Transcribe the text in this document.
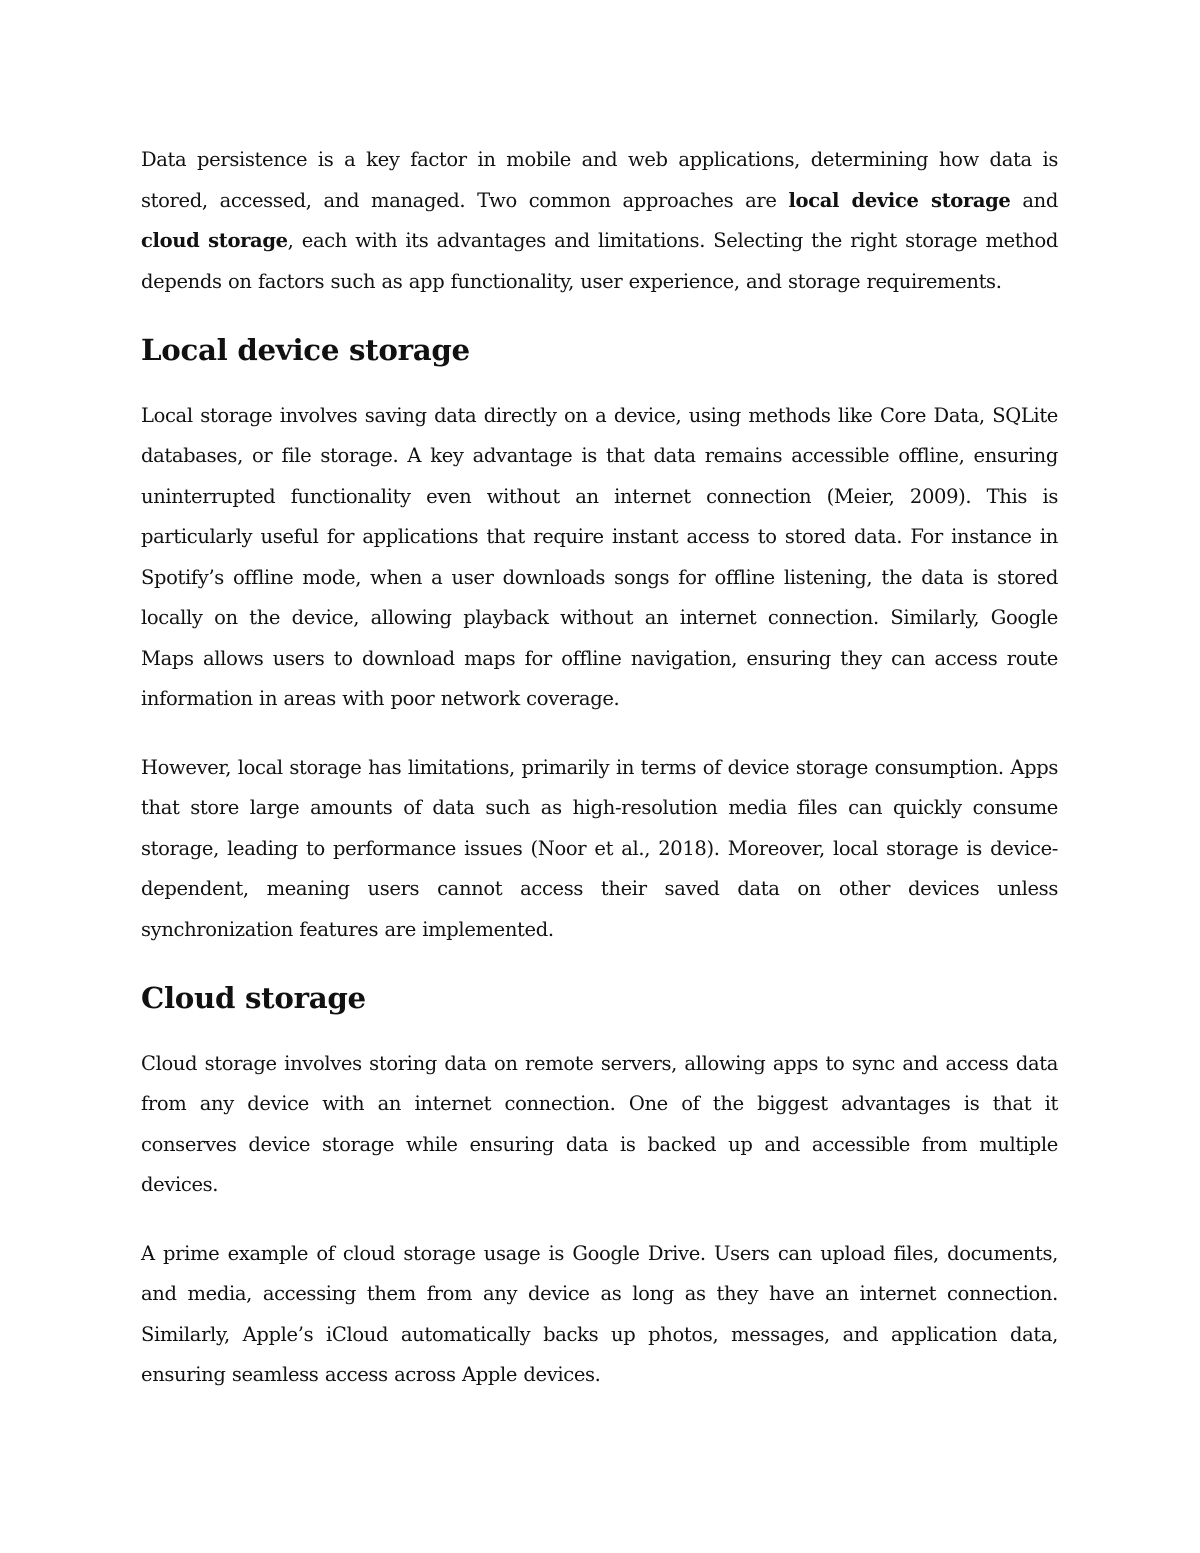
Data persistence is a key factor in mobile and web applications, determining how data is stored, accessed, and managed. Two common approaches are local device storage and cloud storage, each with its advantages and limitations. Selecting the right storage method depends on factors such as app functionality, user experience, and storage requirements.

Local device storage

Local storage involves saving data directly on a device, using methods like Core Data, SQLite databases, or file storage. A key advantage is that data remains accessible offline, ensuring uninterrupted functionality even without an internet connection (Meier, 2009). This is particularly useful for applications that require instant access to stored data. For instance in Spotify’s offline mode, when a user downloads songs for offline listening, the data is stored locally on the device, allowing playback without an internet connection. Similarly, Google Maps allows users to download maps for offline navigation, ensuring they can access route information in areas with poor network coverage.

However, local storage has limitations, primarily in terms of device storage consumption. Apps that store large amounts of data such as high-resolution media files can quickly consume storage, leading to performance issues (Noor et al., 2018). Moreover, local storage is device-dependent, meaning users cannot access their saved data on other devices unless synchronization features are implemented.

Cloud storage

Cloud storage involves storing data on remote servers, allowing apps to sync and access data from any device with an internet connection. One of the biggest advantages is that it conserves device storage while ensuring data is backed up and accessible from multiple devices.

A prime example of cloud storage usage is Google Drive. Users can upload files, documents, and media, accessing them from any device as long as they have an internet connection. Similarly, Apple’s iCloud automatically backs up photos, messages, and application data, ensuring seamless access across Apple devices.
